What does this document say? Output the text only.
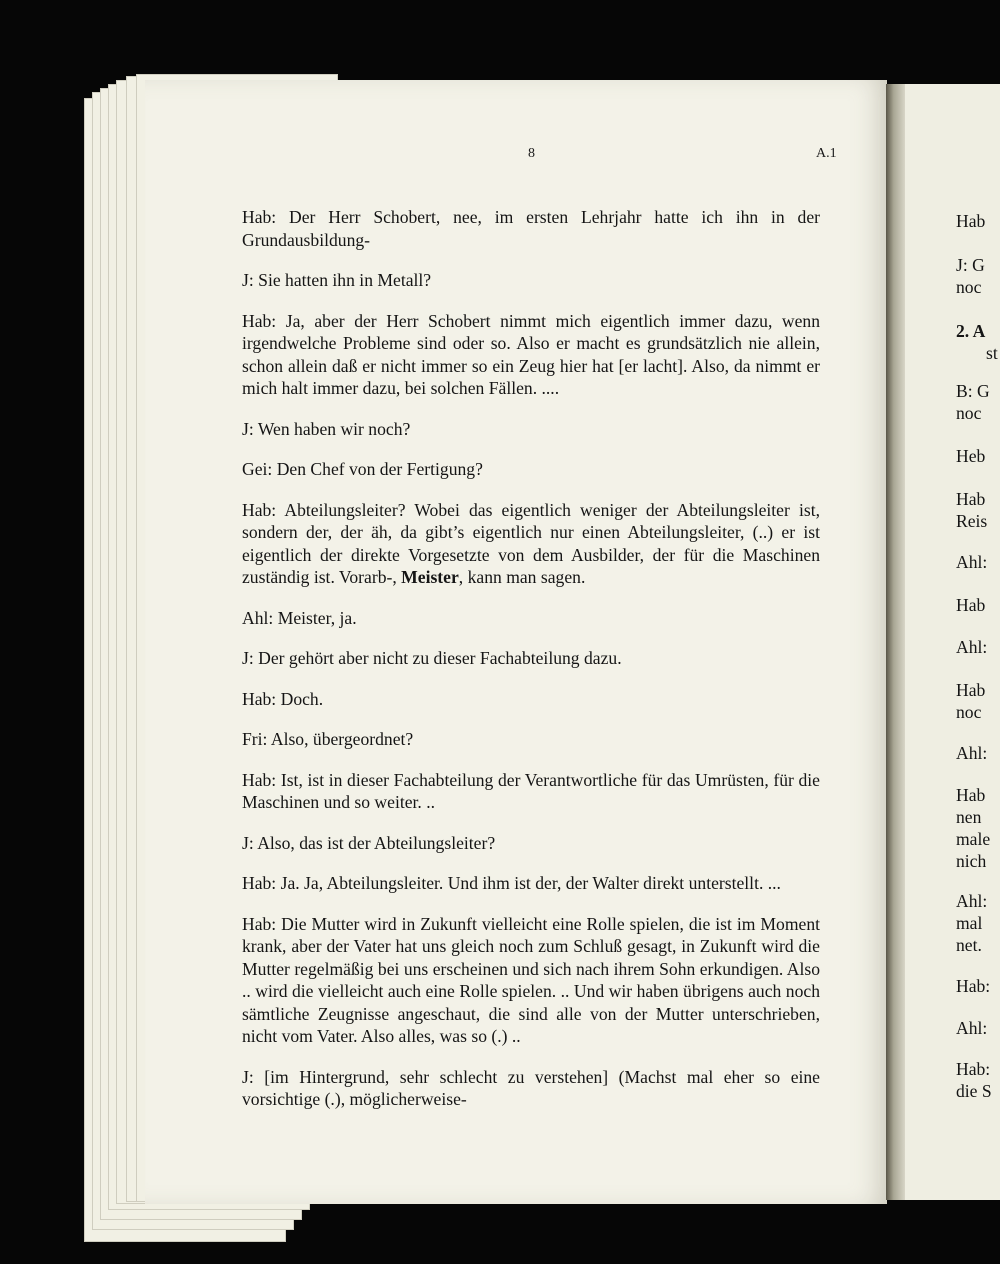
8	A.1

Hab: Der Herr Schobert, nee, im ersten Lehrjahr hatte ich ihn in der Grundausbildung-

J: Sie hatten ihn in Metall?

Hab: Ja, aber der Herr Schobert nimmt mich eigentlich immer dazu, wenn irgendwelche Probleme sind oder so. Also er macht es grundsätzlich nie allein, schon allein daß er nicht immer so ein Zeug hier hat [er lacht]. Also, da nimmt er mich halt immer dazu, bei solchen Fällen. ....

J: Wen haben wir noch?

Gei: Den Chef von der Fertigung?

Hab: Abteilungsleiter? Wobei das eigentlich weniger der Abteilungsleiter ist, sondern der, der äh, da gibt’s eigentlich nur einen Abteilungsleiter, (..) er ist eigentlich der direkte Vorgesetzte von dem Ausbilder, der für die Maschinen zuständig ist. Vorarb-, Meister, kann man sagen.

Ahl: Meister, ja.

J: Der gehört aber nicht zu dieser Fachabteilung dazu.

Hab: Doch.

Fri: Also, übergeordnet?

Hab: Ist, ist in dieser Fachabteilung der Verantwortliche für das Umrüsten, für die Maschinen und so weiter. ..

J: Also, das ist der Abteilungsleiter?

Hab: Ja. Ja, Abteilungsleiter. Und ihm ist der, der Walter direkt unterstellt. ...

Hab: Die Mutter wird in Zukunft vielleicht eine Rolle spielen, die ist im Moment krank, aber der Vater hat uns gleich noch zum Schluß gesagt, in Zukunft wird die Mutter regelmäßig bei uns erscheinen und sich nach ihrem Sohn erkundigen. Also .. wird die vielleicht auch eine Rolle spielen. .. Und wir haben übrigens auch noch sämtliche Zeugnisse angeschaut, die sind alle von der Mutter unterschrieben, nicht vom Vater. Also alles, was so (.) ..

J: [im Hintergrund, sehr schlecht zu verstehen] (Machst mal eher so eine vorsichtige (.), möglicherweise-

Hab
J: G
noc
2. A
st
B: G
noc
Heb
Hab
Reis
Ahl:
Hab
Ahl:
Hab
noc
Ahl:
Hab
nen
male
nich
Ahl:
mal
net.
Hab:
Ahl:
Hab:
die S
